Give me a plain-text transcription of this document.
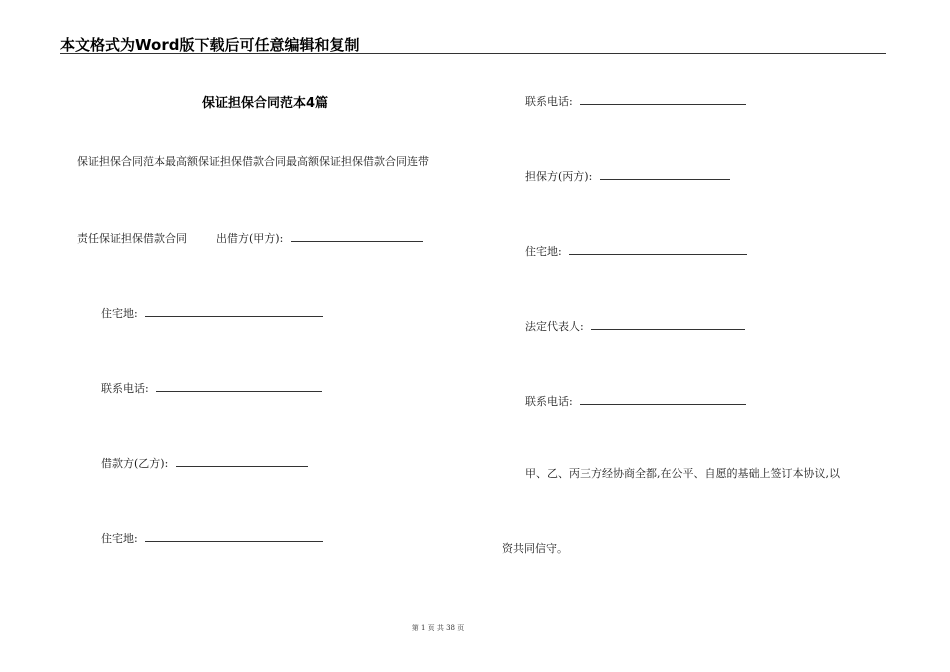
本文格式为Word版下载后可任意编辑和复制
保证担保合同范本4篇
保证担保合同范本最高额保证担保借款合同最高额保证担保借款合同连带
责任保证担保借款合同	出借方(甲方):
住宅地:
联系电话:
借款方(乙方):
住宅地:
联系电话:
担保方(丙方):
住宅地:
法定代表人:
联系电话:
甲、乙、丙三方经协商全都,在公平、自愿的基础上签订本协议,以
资共同信守。
第 1 页 共 38 页
